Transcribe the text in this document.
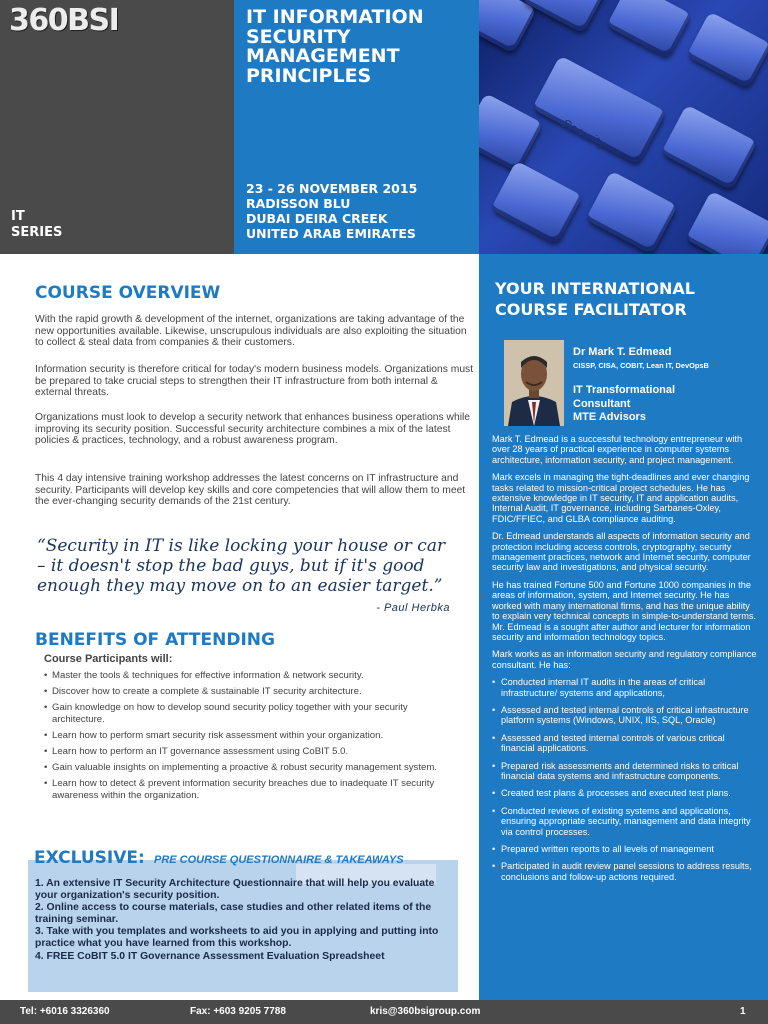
360BSI
IT
SERIES
IT INFORMATION
SECURITY
MANAGEMENT
PRINCIPLES
23 - 26 NOVEMBER 2015
RADISSON BLU
DUBAI DEIRA CREEK
UNITED ARAB EMIRATES
Security
COURSE OVERVIEW

With the rapid growth & development of the internet, organizations are taking advantage of the new opportunities available. Likewise, unscrupulous individuals are also exploiting the situation to collect & steal data from companies & their customers.

Information security is therefore critical for today's modern business models. Organizations must be prepared to take crucial steps to strengthen their IT infrastructure from both internal & external threats.

Organizations must look to develop a security network that enhances business operations while improving its security position. Successful security architecture combines a mix of the latest policies & practices, technology, and a robust awareness program.

This 4 day intensive training workshop addresses the latest concerns on IT infrastructure and security. Participants will develop key skills and core competencies that will allow them to meet the ever-changing security demands of the 21st century.

“Security in IT is like locking your house or car – it doesn't stop the bad guys, but if it's good enough they may move on to an easier target.”
- Paul Herbka
BENEFITS OF ATTENDING
Course Participants will:
• Master the tools & techniques for effective information & network security.
• Discover how to create a complete & sustainable IT security architecture.
• Gain knowledge on how to develop sound security policy together with your security architecture.
• Learn how to perform smart security risk assessment within your organization.
• Learn how to perform an IT governance assessment using CoBIT 5.0.
• Gain valuable insights on implementing a proactive & robust security management system.
• Learn how to detect & prevent information security breaches due to inadequate IT security awareness within the organization.
EXCLUSIVE: PRE COURSE QUESTIONNAIRE & TAKEAWAYS
1. An extensive IT Security Architecture Questionnaire that will help you evaluate your organization's security position.
2. Online access to course materials, case studies and other related items of the training seminar.
3. Take with you templates and worksheets to aid you in applying and putting into practice what you have learned from this workshop.
4. FREE CoBIT 5.0 IT Governance Assessment Evaluation Spreadsheet
YOUR INTERNATIONAL
COURSE FACILITATOR
Dr Mark T. Edmead
CISSP, CISA, COBIT, Lean IT, DevOpsB
IT Transformational
Consultant
MTE Advisors

Mark T. Edmead is a successful technology entrepreneur with over 28 years of practical experience in computer systems architecture, information security, and project management.

Mark excels in managing the tight-deadlines and ever changing tasks related to mission-critical project schedules. He has extensive knowledge in IT security, IT and application audits, Internal Audit, IT governance, including Sarbanes-Oxley, FDIC/FFIEC, and GLBA compliance auditing.

Dr. Edmead understands all aspects of information security and protection including access controls, cryptography, security management practices, network and Internet security, computer security law and investigations, and physical security.

He has trained Fortune 500 and Fortune 1000 companies in the areas of information, system, and Internet security. He has worked with many international firms, and has the unique ability to explain very technical concepts in simple-to-understand terms. Mr. Edmead is a sought after author and lecturer for information security and information technology topics.

Mark works as an information security and regulatory compliance consultant. He has:

• Conducted internal IT audits in the areas of critical infrastructure/ systems and applications,
• Assessed and tested internal controls of critical infrastructure platform systems (Windows, UNIX, IIS, SQL, Oracle)
• Assessed and tested internal controls of various critical financial applications.
• Prepared risk assessments and determined risks to critical financial data systems and infrastructure components.
• Created test plans & processes and executed test plans.
• Conducted reviews of existing systems and applications, ensuring appropriate security, management and data integrity via control processes.
• Prepared written reports to all levels of management
• Participated in audit review panel sessions to address results, conclusions and follow-up actions required.
Tel: +6016 3326360	Fax: +603 9205 7788	kris@360bsigroup.com	1
